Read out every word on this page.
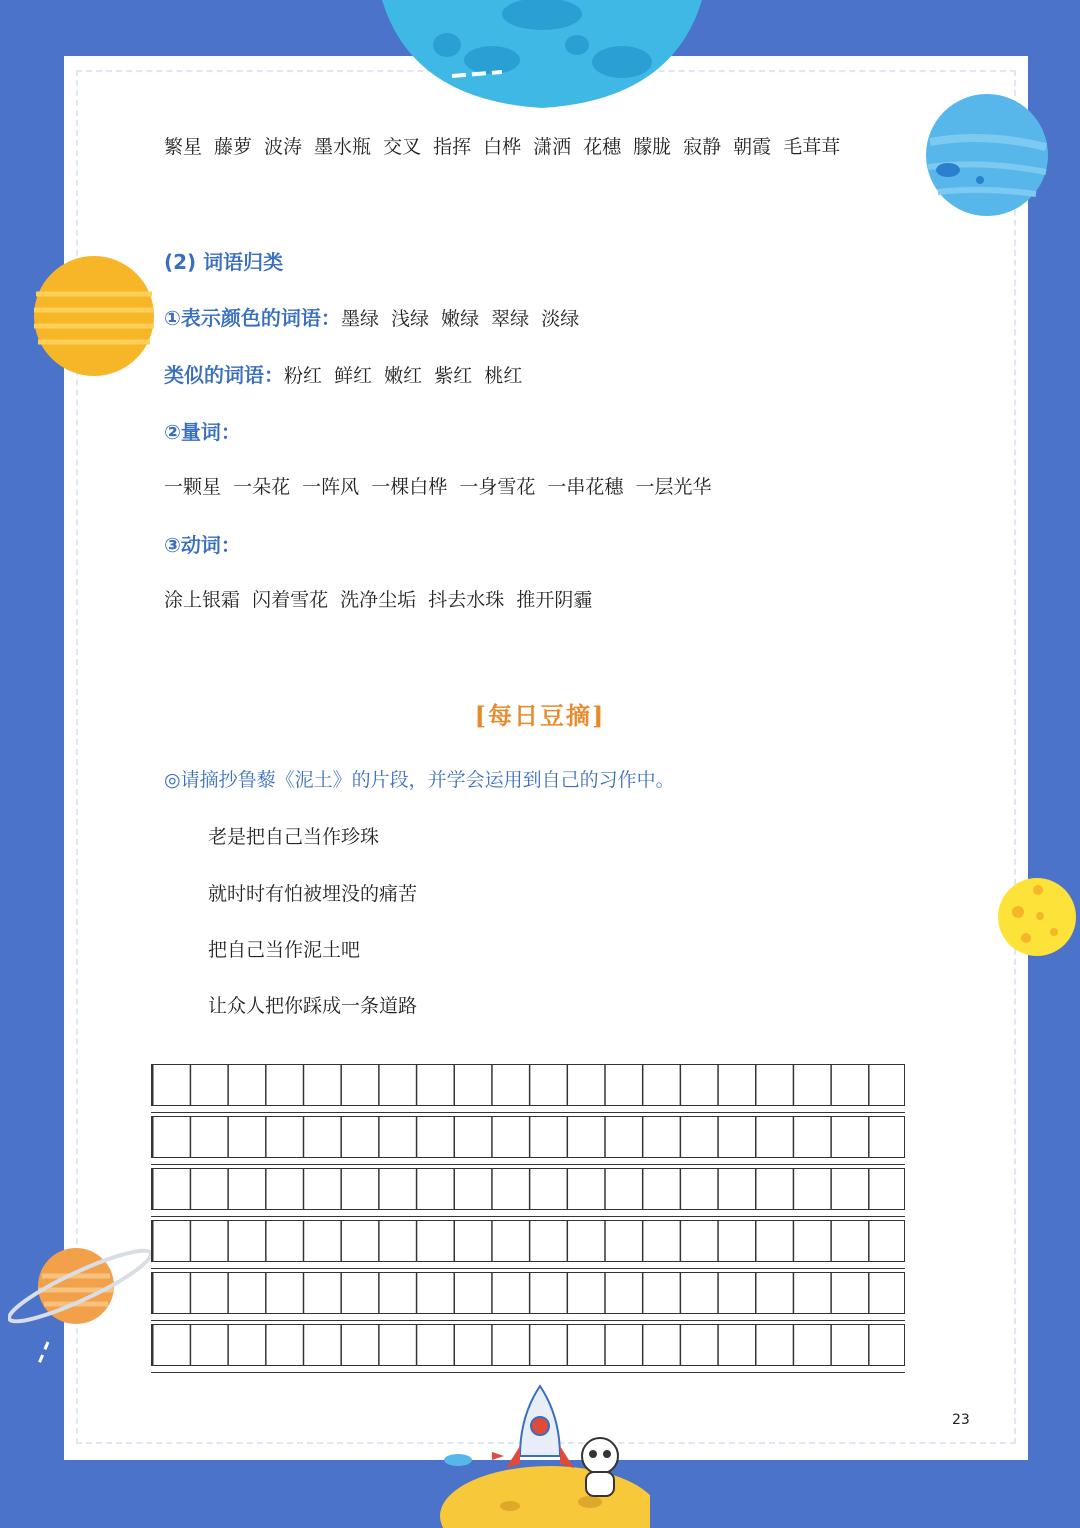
繁星 藤萝 波涛 墨水瓶 交叉 指挥 白桦 潇洒 花穗 朦胧 寂静 朝霞 毛茸茸
(2) 词语归类
①表示颜色的词语：墨绿  浅绿  嫩绿  翠绿  淡绿
类似的词语：粉红  鲜红  嫩红  紫红  桃红
②量词：
一颗星  一朵花  一阵风  一棵白桦  一身雪花  一串花穗  一层光华
③动词：
涂上银霜  闪着雪花  洗净尘垢  抖去水珠  推开阴霾
[每日豆摘]
◎请摘抄鲁藜《泥土》的片段，并学会运用到自己的习作中。
老是把自己当作珍珠
就时时有怕被埋没的痛苦
把自己当作泥土吧
让众人把你踩成一条道路
23
